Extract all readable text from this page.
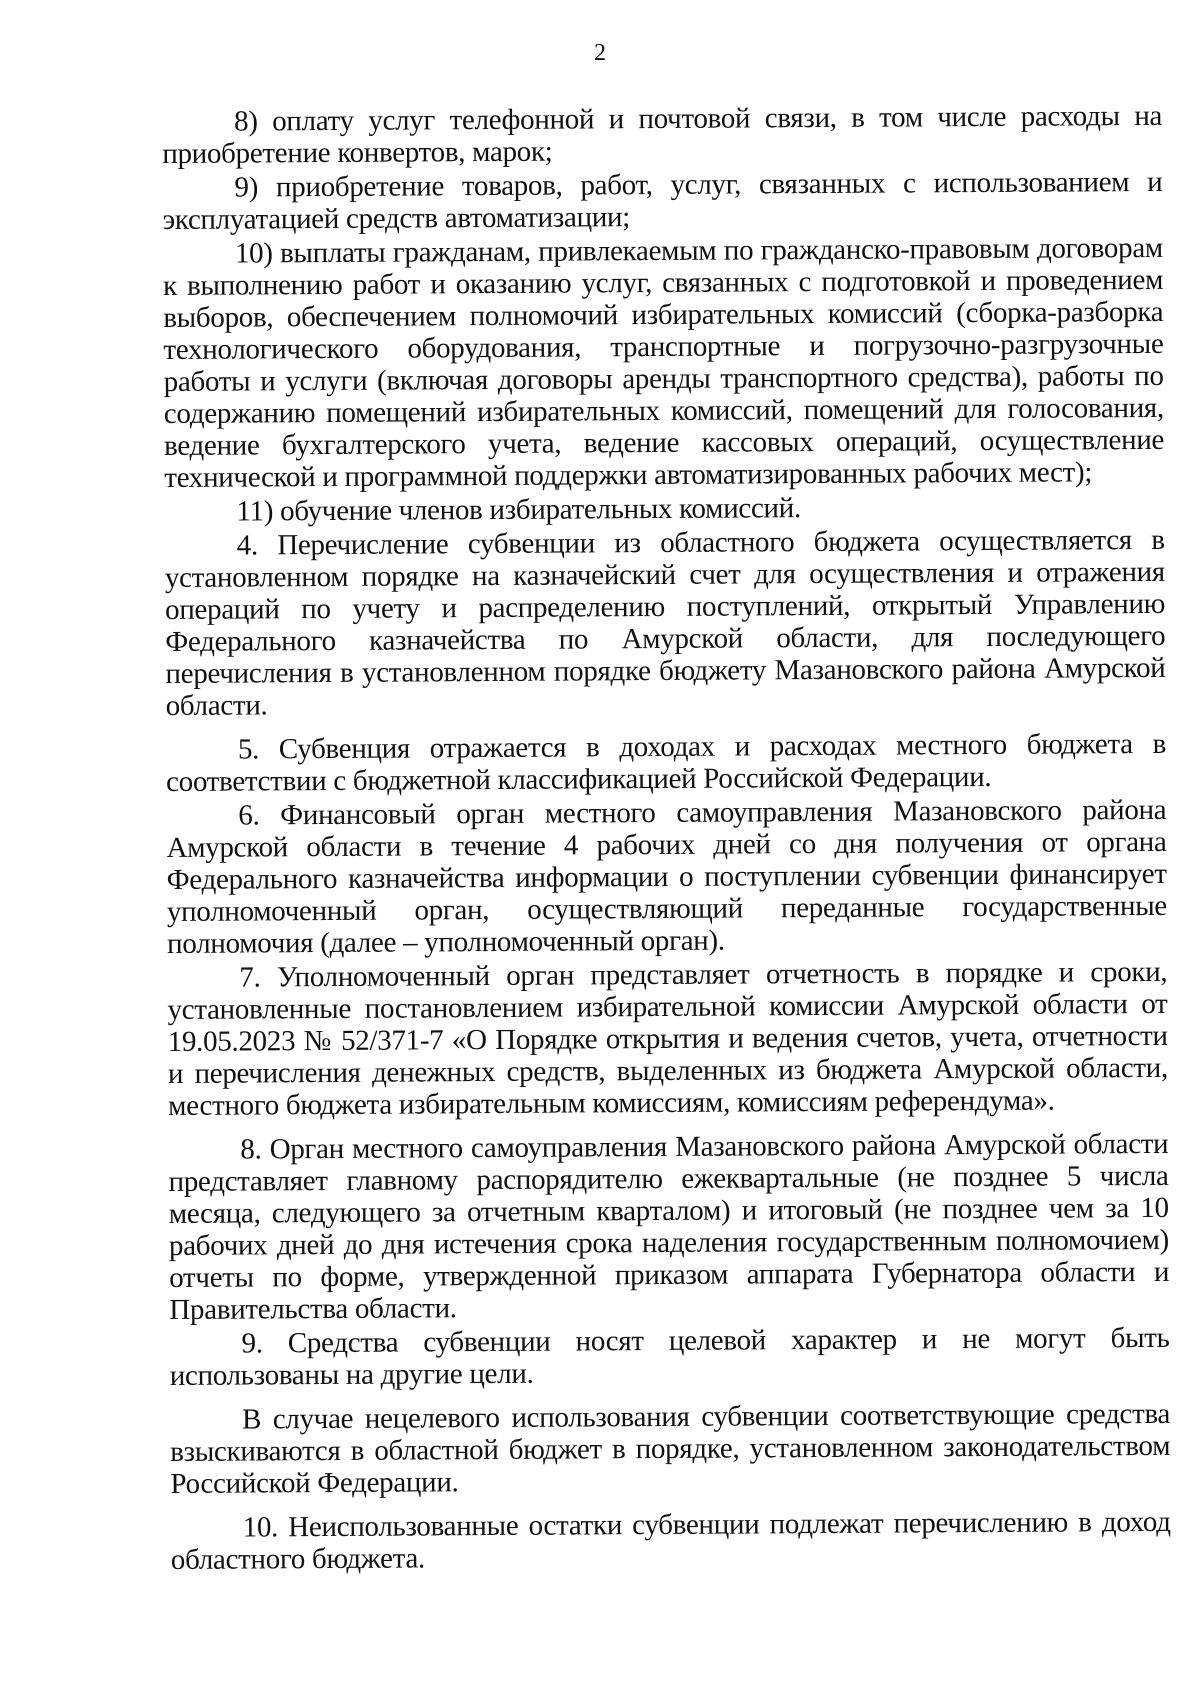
2

8) оплату услуг телефонной и почтовой связи, в том числе расходы на приобретение конвертов, марок;

9) приобретение товаров, работ, услуг, связанных с использованием и эксплуатацией средств автоматизации;

10) выплаты гражданам, привлекаемым по гражданско-правовым договорам к выполнению работ и оказанию услуг, связанных с подготовкой и проведением выборов, обеспечением полномочий избирательных комиссий (сборка-разборка технологического оборудования, транспортные и погрузочно-разгрузочные работы и услуги (включая договоры аренды транспортного средства), работы по содержанию помещений избирательных комиссий, помещений для голосования, ведение бухгалтерского учета, ведение кассовых операций, осуществление технической и программной поддержки автоматизированных рабочих мест);

11) обучение членов избирательных комиссий.

4. Перечисление субвенции из областного бюджета осуществляется в установленном порядке на казначейский счет для осуществления и отражения операций по учету и распределению поступлений, открытый Управлению Федерального казначейства по Амурской области, для последующего перечисления в установленном порядке бюджету Мазановского района Амурской области.

5. Субвенция отражается в доходах и расходах местного бюджета в соответствии с бюджетной классификацией Российской Федерации.

6. Финансовый орган местного самоуправления Мазановского района Амурской области в течение 4 рабочих дней со дня получения от органа Федерального казначейства информации о поступлении субвенции финансирует уполномоченный орган, осуществляющий переданные государственные полномочия (далее – уполномоченный орган).

7. Уполномоченный орган представляет отчетность в порядке и сроки, установленные постановлением избирательной комиссии Амурской области от 19.05.2023 № 52/371-7 «О Порядке открытия и ведения счетов, учета, отчетности и перечисления денежных средств, выделенных из бюджета Амурской области, местного бюджета избирательным комиссиям, комиссиям референдума».

8. Орган местного самоуправления Мазановского района Амурской области представляет главному распорядителю ежеквартальные (не позднее 5 числа месяца, следующего за отчетным кварталом) и итоговый (не позднее чем за 10 рабочих дней до дня истечения срока наделения государственным полномочием) отчеты по форме, утвержденной приказом аппарата Губернатора области и Правительства области.

9. Средства субвенции носят целевой характер и не могут быть использованы на другие цели.

В случае нецелевого использования субвенции соответствующие средства взыскиваются в областной бюджет в порядке, установленном законодательством Российской Федерации.

10. Неиспользованные остатки субвенции подлежат перечислению в доход областного бюджета.
